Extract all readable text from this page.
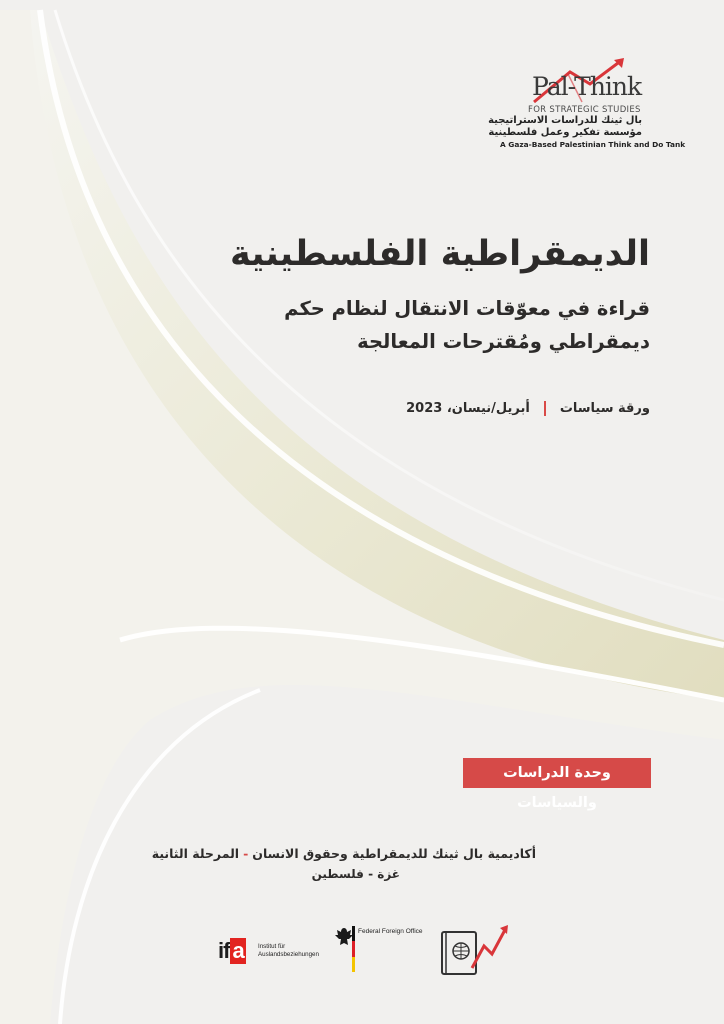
Pal-Think
FOR STRATEGIC STUDIES
بال ثينك للدراسات الاستراتيجية
مؤسسة تفكير وعمل فلسطينية
A Gaza-Based Palestinian Think and Do Tank
الديمقراطية الفلسطينية
قراءة في معوّقات الانتقال لنظام حكم ديمقراطي ومُقترحات المعالجة
ورقة سياساتأبريل/نيسان، 2023
وحدة الدراسات والسياسات
أكاديمية بال ثينك للديمقراطية وحقوق الانسان-المرحلة الثانية
غزة - فلسطين
if a	Institut für
Auslandsbeziehungen
Federal Foreign Office
